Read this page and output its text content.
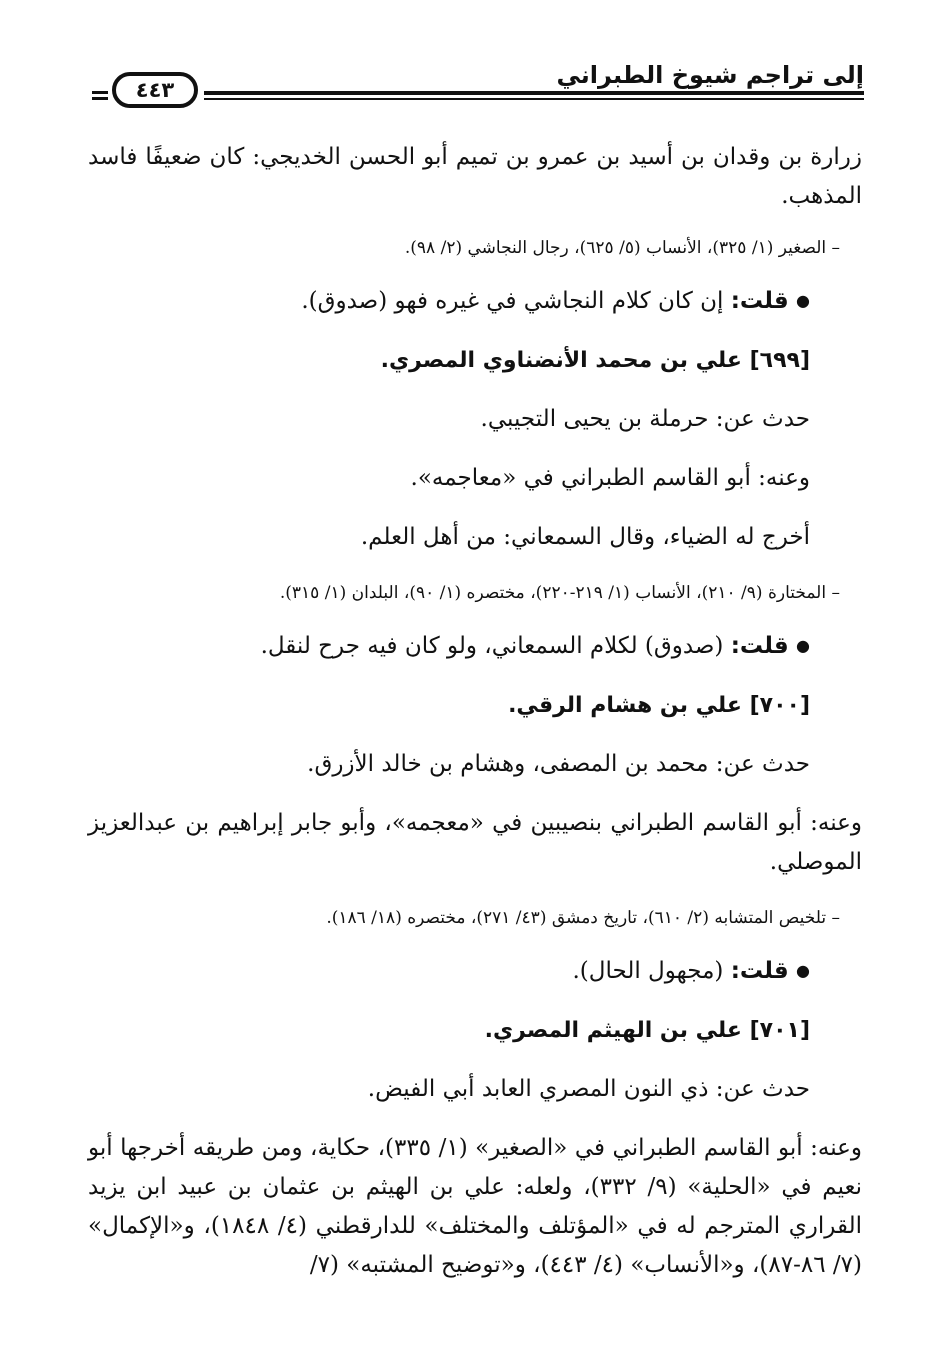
إلى تراجم شيوخ الطبراني
٤٤٣

زرارة بن وقدان بن أسيد بن عمرو بن تميم أبو الحسن الخديجي: كان ضعيفًا فاسد المذهب.

– الصغير (١/ ٣٢٥)، الأنساب (٥/ ٦٢٥)، رجال النجاشي (٢/ ٩٨).

● قلت: إن كان كلام النجاشي في غيره فهو (صدوق).

[٦٩٩] علي بن محمد الأنضناوي المصري.

حدث عن: حرملة بن يحيى التجيبي.

وعنه: أبو القاسم الطبراني في «معاجمه».

أخرج له الضياء، وقال السمعاني: من أهل العلم.

– المختارة (٩/ ٢١٠)، الأنساب (١/ ٢١٩-٢٢٠)، مختصره (١/ ٩٠)، البلدان (١/ ٣١٥).

● قلت: (صدوق) لكلام السمعاني، ولو كان فيه جرح لنقل.

[٧٠٠] علي بن هشام الرقي.

حدث عن: محمد بن المصفى، وهشام بن خالد الأزرق.

وعنه: أبو القاسم الطبراني بنصيبين في «معجمه»، وأبو جابر إبراهيم بن عبدالعزيز الموصلي.

– تلخيص المتشابه (٢/ ٦١٠)، تاريخ دمشق (٤٣/ ٢٧١)، مختصره (١٨/ ١٨٦).

● قلت: (مجهول الحال).

[٧٠١] علي بن الهيثم المصري.

حدث عن: ذي النون المصري العابد أبي الفيض.

وعنه: أبو القاسم الطبراني في «الصغير» (١/ ٣٣٥)، حكاية، ومن طريقه أخرجها أبو نعيم في «الحلية» (٩/ ٣٣٢)، ولعله: علي بن الهيثم بن عثمان بن عبيد ابن يزيد القراري المترجم له في «المؤتلف والمختلف» للدارقطني (٤/ ١٨٤٨)، و«الإكمال» (٧/ ٨٦-٨٧)، و«الأنساب» (٤/ ٤٤٣)، و«توضيح المشتبه» (٧/
